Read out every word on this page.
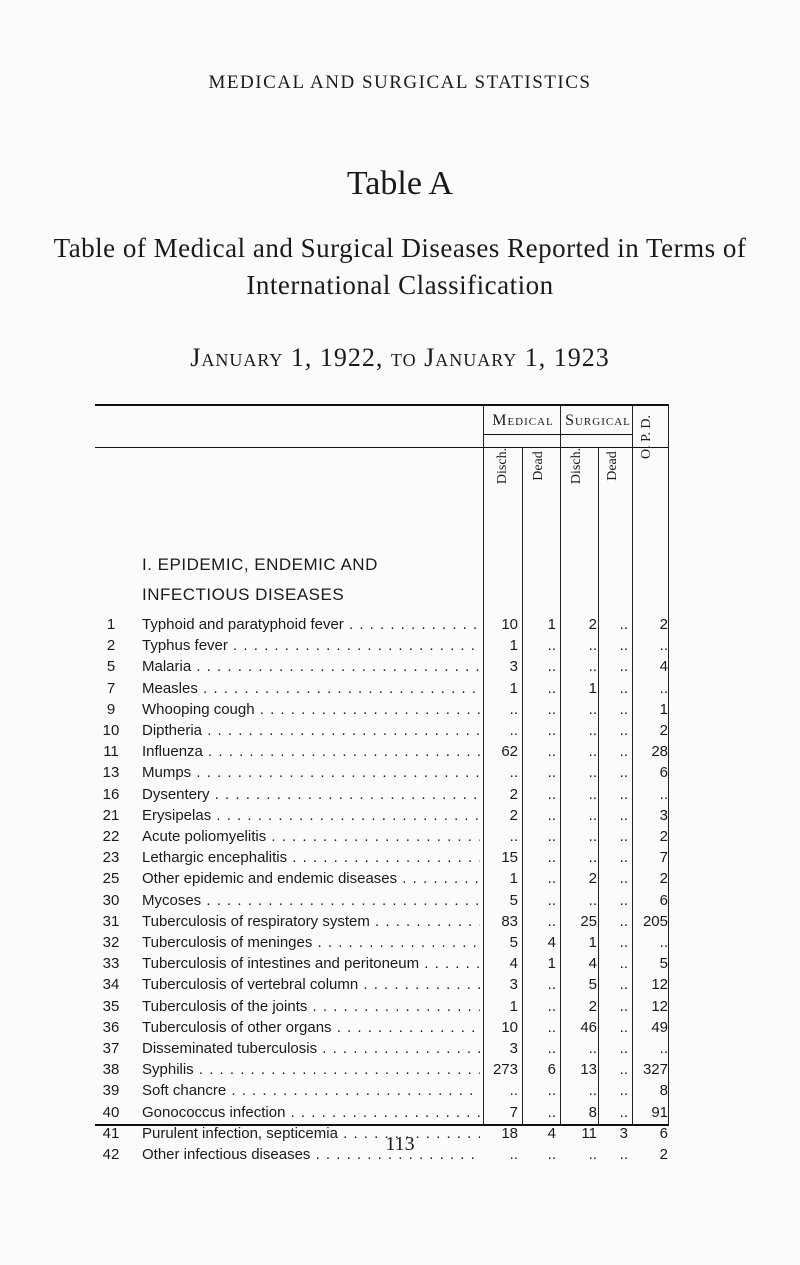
MEDICAL AND SURGICAL STATISTICS
Table A
Table of Medical and Surgical Diseases Reported in Terms of International Classification
January 1, 1922, to January 1, 1923
Medical Surgical
Disch.	Dead	Disch.	Dead
O. P. D.
I. EPIDEMIC, ENDEMIC AND INFECTIOUS DISEASES
1	Typhoid and paratyphoid fever . . .	10	1	2	..	2
2	Typhus fever . . .	1	..	..	..	..
5	Malaria . . .	3	..	..	..	4
7	Measles . . .	1	..	1	..	..
9	Whooping cough . . .	..	..	..	..	1
10	Diptheria . . .	..	..	..	..	2
11	Influenza . . .	62	..	..	..	28
13	Mumps . . .	..	..	..	..	6
16	Dysentery . . .	2	..	..	..	..
21	Erysipelas . . .	2	..	..	..	3
22	Acute poliomyelitis . . .	..	..	..	..	2
23	Lethargic encephalitis . . .	15	..	..	..	7
25	Other epidemic and endemic diseases . . .	1	..	2	..	2
30	Mycoses . . .	5	..	..	..	6
31	Tuberculosis of respiratory system . . .	83	..	25	.. 205
32	Tuberculosis of meninges . . .	5	4	1	..	..
33	Tuberculosis of intestines and peritoneum . . .	4	1	4	..	5
34	Tuberculosis of vertebral column . . .	3	..	5	..	12
35	Tuberculosis of the joints . . .	1	..	2	..	12
36	Tuberculosis of other organs . . .	10	..	46	..	49
37	Disseminated tuberculosis . . .	3	..	..	..	..
38	Syphilis . . .	273	6	13	.. 327
39	Soft chancre . . .	..	..	..	..	8
40	Gonococcus infection . . .	7	..	8	..	91
41	Purulent infection, septicemia . . .	18	4	11	3	6
42	Other infectious diseases . . .	..	..	..	..	2
113
